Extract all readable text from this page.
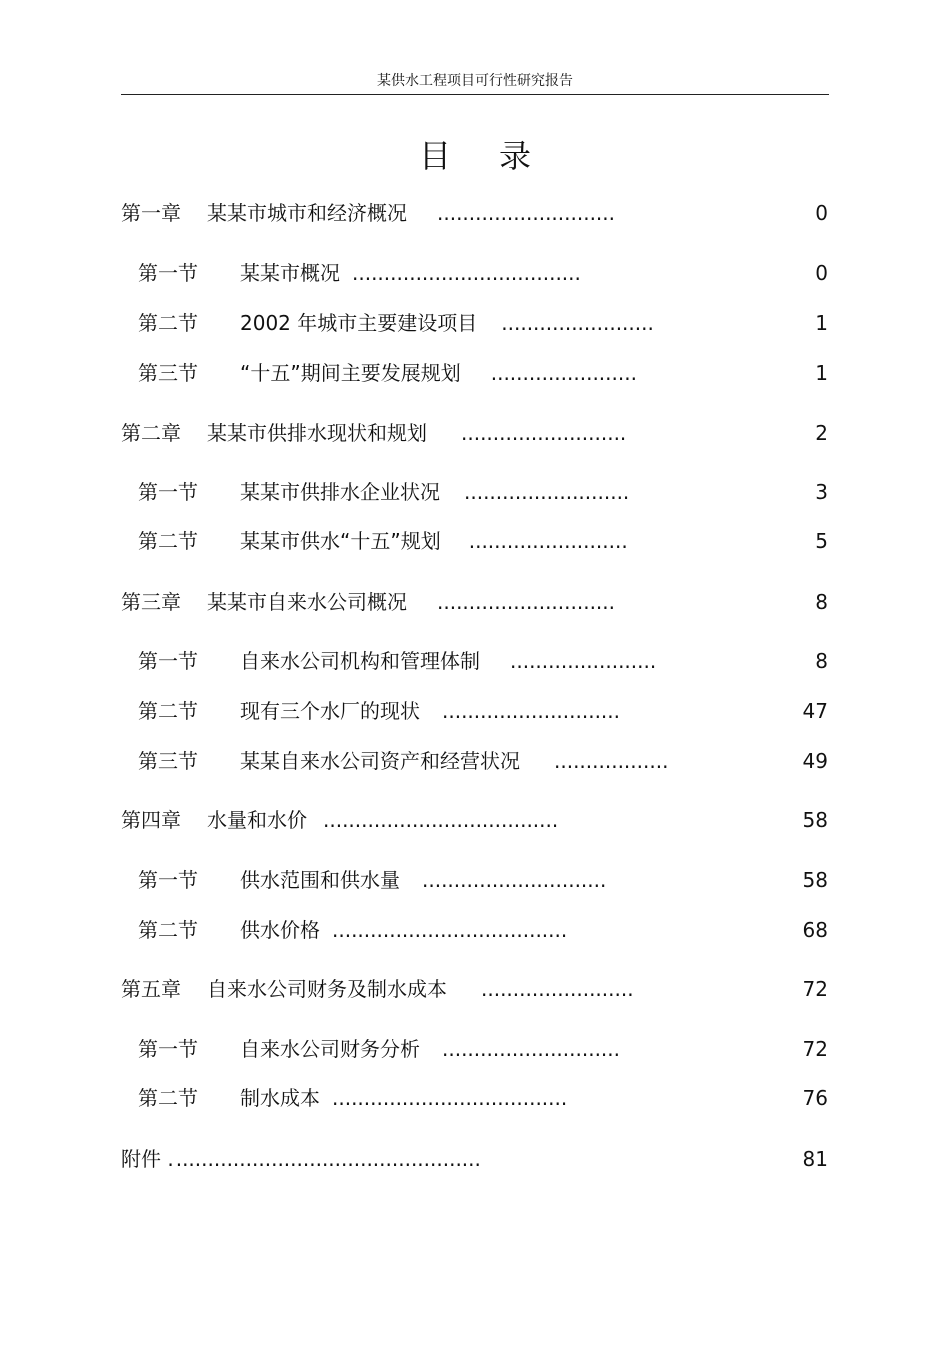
某供水工程项目可行性研究报告
目录
第一章 某某市城市和经济概况 ............................	0
第一节 某某市概况 ....................................	0
第二节 2002 年城市主要建设项目 ........................	1
第三节 “十五”期间主要发展规划 .......................	1
第二章 某某市供排水现状和规划 ..........................	2
第一节 某某市供排水企业状况 ..........................	3
第二节 某某市供水“十五”规划 .........................	5
第三章 某某市自来水公司概况 ............................	8
第一节 自来水公司机构和管理体制 .......................	8
第二节 现有三个水厂的现状 ............................	47
第三节 某某自来水公司资产和经营状况 ..................	49
第四章 水量和水价 .....................................	58
第一节 供水范围和供水量 .............................	58
第二节 供水价格 .....................................	68
第五章 自来水公司财务及制水成本 ........................	72
第一节 自来水公司财务分析 ............................	72
第二节 制水成本 .....................................	76
附件 . ................................................	81
